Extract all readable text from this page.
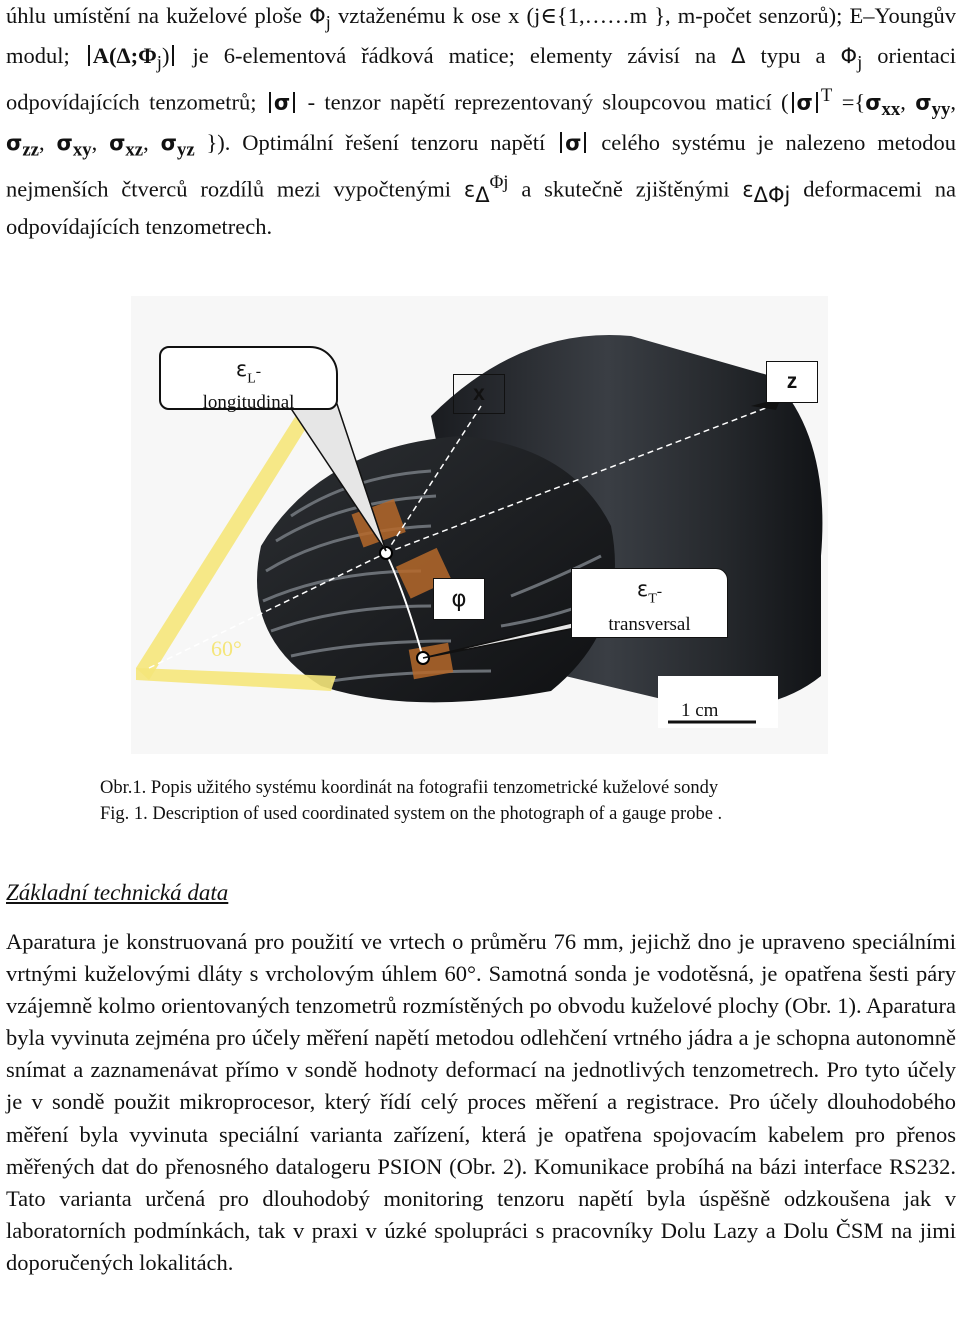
úhlu umístění na kuželové ploše $\Phi_j$ vztaženému k ose x (j∈{1,……m }, m-počet senzorů); E–Youngův modul; $A(\Delta;\Phi_j)$ je 6-elementová řádková matice; elementy závisí na Δ typu a $\Phi_j$ orientaci odpovídajících tenzometrů; σ - tenzor napětí reprezentovaný sloupcovou maticí ( σ $^T =\{\sigma_{xx}$, $\sigma_{yy}$, $\sigma_{zz}$, $\sigma_{xy}$, $\sigma_{xz}$, $\sigma_{yz}$ }). Optimální řešení tenzoru napětí σ celého systému je nalezeno metodou nejmenších čtverců rozdílů mezi vypočtenými $\varepsilon_\Delta^{\Phi j}$ a skutečně zjištěnými $\varepsilon_{\Delta\Phi j}$ deformacemi na odpovídajících tenzometrech.

$\varepsilon_L-$
longitudinal	x
z
φ	$\varepsilon_T-$
transversal
60°
1 cm

Obr.1. Popis užitého systému koordinát na fotografii tenzometrické kuželové sondy

Fig. 1. Description of used coordinated system on the photograph of a gauge probe .

Základní technická data

Aparatura je konstruovaná pro použití ve vrtech o průměru 76 mm, jejichž dno je upraveno speciálními vrtnými kuželovými dláty s vrcholovým úhlem 60°. Samotná sonda je vodotěsná, je opatřena šesti páry vzájemně kolmo orientovaných tenzometrů rozmístěných po obvodu kuželové plochy (Obr. 1). Aparatura byla vyvinuta zejména pro účely měření napětí metodou odlehčení vrtného jádra a je schopna autonomně snímat a zaznamenávat přímo v sondě hodnoty deformací na jednotlivých tenzometrech. Pro tyto účely je v sondě použit mikroprocesor, který řídí celý proces měření a registrace. Pro účely dlouhodobého měření byla vyvinuta speciální varianta zařízení, která je opatřena spojovacím kabelem pro přenos měřených dat do přenosného datalogeru PSION (Obr. 2). Komunikace probíhá na bázi interface RS232. Tato varianta určená pro dlouhodobý monitoring tenzoru napětí byla úspěšně odzkoušena jak v laboratorních podmínkách, tak v praxi v úzké spolupráci s pracovníky Dolu Lazy a Dolu ČSM na jimi doporučených lokalitách.
